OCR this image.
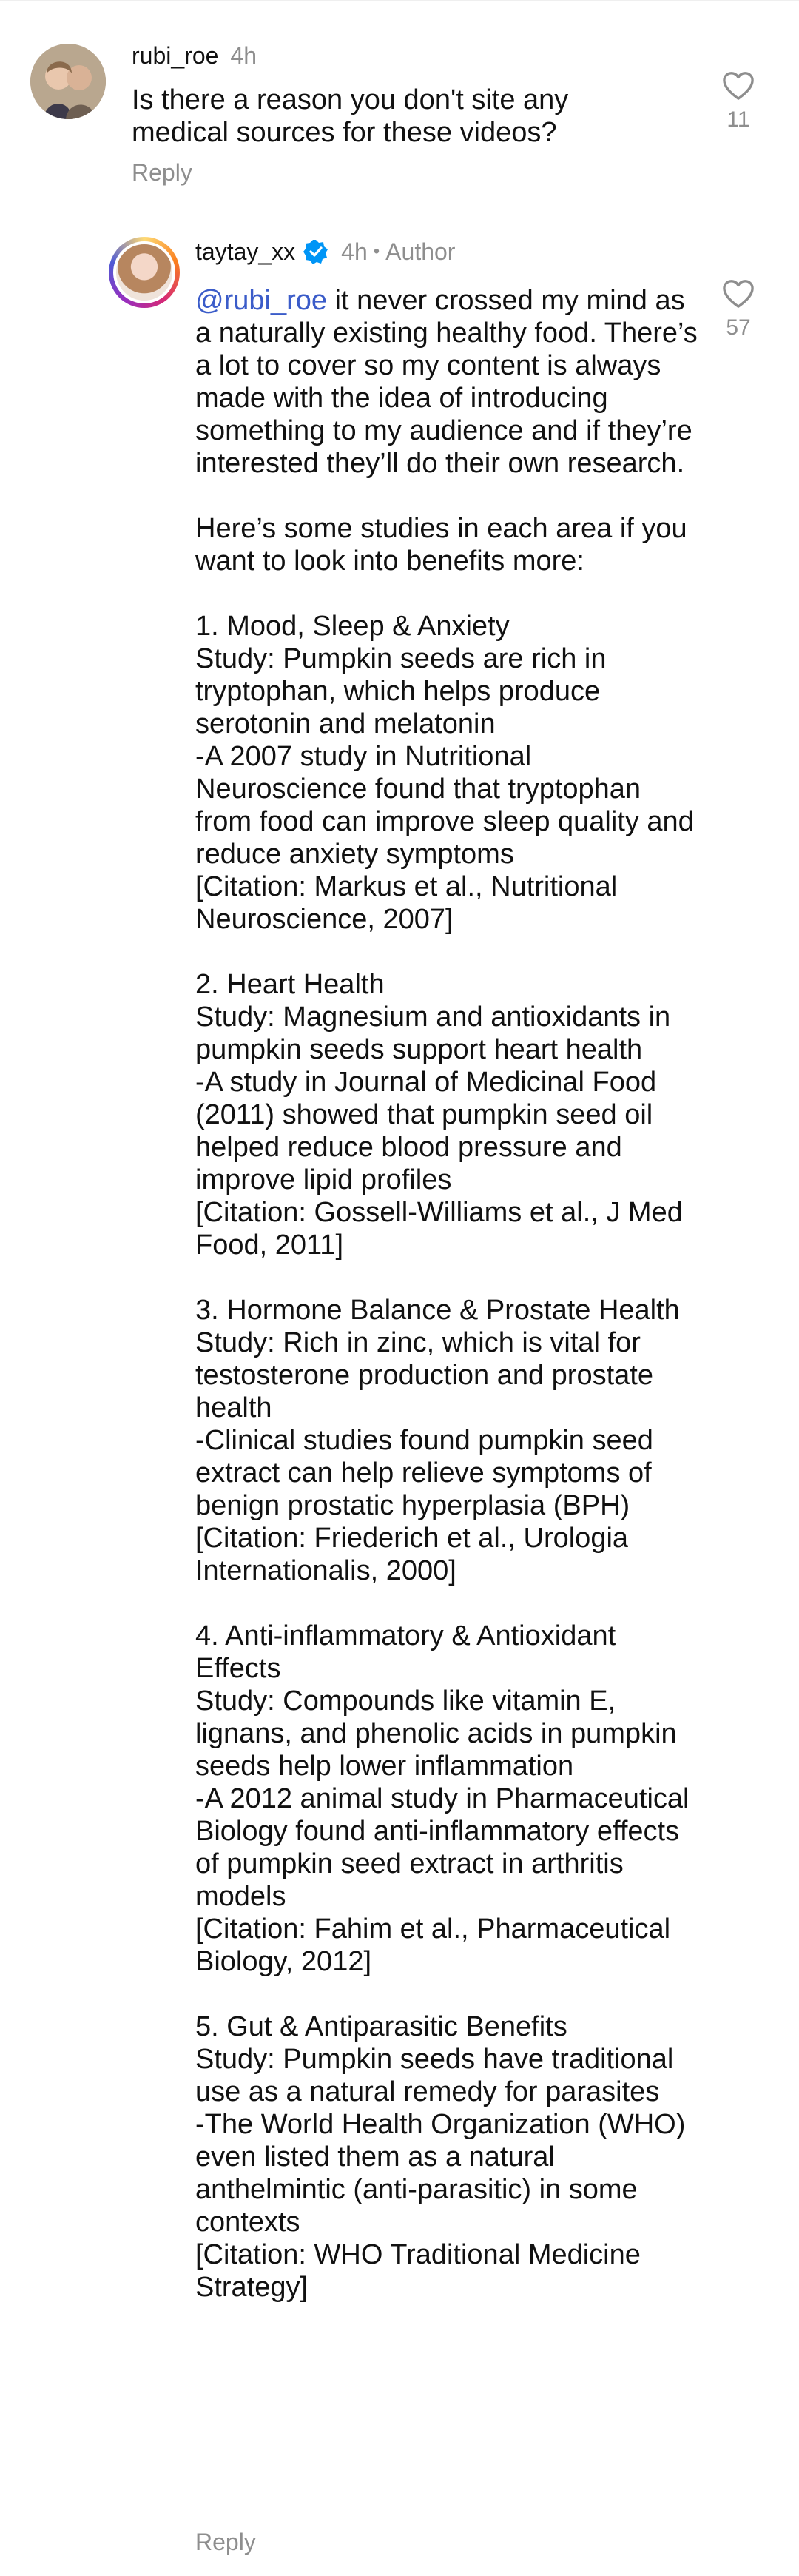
rubi_roe 4h
Is there a reason you don't site any medical sources for these videos?
Reply
11
taytay_xx 4h • Author
@rubi_roe it never crossed my mind as a naturally existing healthy food. There’s a lot to cover so my content is always made with the idea of introducing something to my audience and if they’re interested they’ll do their own research.

Here’s some studies in each area if you want to look into benefits more:

1. Mood, Sleep & Anxiety
Study: Pumpkin seeds are rich in tryptophan, which helps produce serotonin and melatonin
-A 2007 study in Nutritional Neuroscience found that tryptophan from food can improve sleep quality and reduce anxiety symptoms
[Citation: Markus et al., Nutritional Neuroscience, 2007]

2. Heart Health
Study: Magnesium and antioxidants in pumpkin seeds support heart health
-A study in Journal of Medicinal Food (2011) showed that pumpkin seed oil helped reduce blood pressure and improve lipid profiles
[Citation: Gossell-Williams et al., J Med Food, 2011]

3. Hormone Balance & Prostate Health
Study: Rich in zinc, which is vital for testosterone production and prostate health
-Clinical studies found pumpkin seed extract can help relieve symptoms of benign prostatic hyperplasia (BPH)
[Citation: Friederich et al., Urologia Internationalis, 2000]

4. Anti-inflammatory & Antioxidant Effects
Study: Compounds like vitamin E, lignans, and phenolic acids in pumpkin seeds help lower inflammation
-A 2012 animal study in Pharmaceutical Biology found anti-inflammatory effects of pumpkin seed extract in arthritis models
[Citation: Fahim et al., Pharmaceutical Biology, 2012]

5. Gut & Antiparasitic Benefits
Study: Pumpkin seeds have traditional use as a natural remedy for parasites
-The World Health Organization (WHO) even listed them as a natural anthelmintic (anti-parasitic) in some contexts
[Citation: WHO Traditional Medicine Strategy]
Reply
57
